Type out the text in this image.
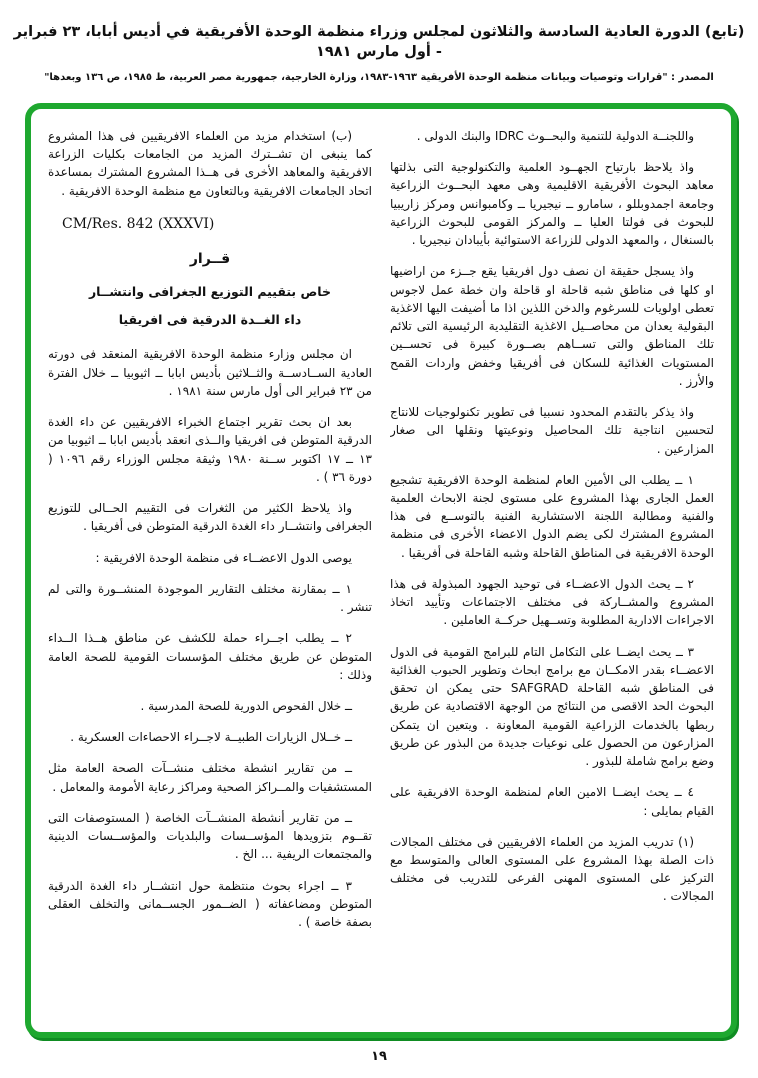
(تابع) الدورة العادية السادسة والثلاثون لمجلس وزراء منظمة الوحدة الأفريقية في أديس أبابا، ٢٣ فبراير - أول مارس ١٩٨١
المصدر : "قرارات وتوصيات وبيانات منظمة الوحدة الأفريقية ١٩٦٣-١٩٨٣، وزارة الخارجية، جمهورية مصر العربية، ط ١٩٨٥، ص ١٣٦ وبعدها"

واللجنــة الدولية للتنمية والبحــوث IDRC والبنك الدولى .

واذ يلاحظ بارتياح الجهــود العلمية والتكنولوجية التى بذلتها معاهد البحوث الأفريقية الاقليمية وهى معهد البحــوث الزراعية وجامعة اجمدوبللو ، سامارو ــ نيجيريا ــ وكامبوانس ومركز زاريبيا للبحوث فى فولتا العليا ــ والمركز القومى للبحوث الزراعية بالسنغال ، والمعهد الدولى للزراعة الاستوائية بأيبادان نيجيريا .

واذ يسجل حقيقة ان نصف دول افريقيا يقع جــزء من اراضيها او كلها فى مناطق شبه قاحلة او قاحلة وان خطة عمل لاجوس تعطى اولويات للسرغوم والدخن اللذين اذا ما أضيفت اليها الاغذية البقولية يعدان من محاصــيل الاغذية التقليدية الرئيسية التى تلائم تلك المناطق والتى تســاهم بصــورة كبيرة فى تحســين المستويات الغذائية للسكان فى أفريقيا وخفض واردات القمح والأرز .

واذ يذكر بالتقدم المحدود نسبيا فى تطوير تكنولوجيات للانتاج لتحسين انتاجية تلك المحاصيل ونوعيتها ونقلها الى صغار المزارعين .

١ ــ يطلب الى الأمين العام لمنظمة الوحدة الافريقية تشجيع العمل الجارى بهذا المشروع على مستوى لجنة الابحاث العلمية والفنية ومطالبة اللجنة الاستشارية الفنية بالتوســع فى هذا المشروع المشترك لكى يضم الدول الاعضاء الأخرى فى منظمة الوحدة الافريقية فى المناطق القاحلة وشبه القاحلة فى أفريقيا .

٢ ــ يحث الدول الاعضــاء فى توحيد الجهود المبذولة فى هذا المشروع والمشــاركة فى مختلف الاجتماعات وتأييد اتخاذ الاجراءات الادارية المطلوبة وتســهيل حركــة العاملين .

٣ ــ يحث ايضــا على التكامل التام للبرامج القومية فى الدول الاعضــاء بقدر الامكــان مع برامج ابحاث وتطوير الحبوب الغذائية فى المناطق شبه القاحلة SAFGRAD حتى يمكن ان تحقق البحوث الحد الاقصى من النتائج من الوجهة الاقتصادية عن طريق ربطها بالخدمات الزراعية القومية المعاونة . ويتعين ان يتمكن المزارعون من الحصول على نوعيات جديدة من البذور عن طريق وضع برامج شاملة للبذور .

٤ ــ يحث ايضــا الامين العام لمنظمة الوحدة الافريقية على القيام بمايلى :

(١) تدريب المزيد من العلماء الافريقيين فى مختلف المجالات ذات الصلة بهذا المشروع على المستوى العالى والمتوسط مع التركيز على المستوى المهنى الفرعى للتدريب فى مختلف المجالات .

(ب) استخدام مزيد من العلماء الافريقيين فى هذا المشروع كما ينبغى ان تشــترك المزيد من الجامعات بكليات الزراعة الافريقية والمعاهد الأخرى فى هــذا المشروع المشترك بمساعدة اتحاد الجامعات الافريقية وبالتعاون مع منظمة الوحدة الافريقية .

CM/Res. 842 (XXXVI)

قــرار

خاص بتقييم التوزيع الجغرافى وانتشــار

داء الغــدة الدرقية فى افريقيا

ان مجلس وزارء منظمة الوحدة الافريقية المنعقد فى دورته العادية الســادســة والثــلاثين بأديس ابابا ــ اثيوبيا ــ خلال الفترة من ٢٣ فبراير الى أول مارس سنة ١٩٨١ .

بعد ان بحث تقرير اجتماع الخبراء الافريقيين عن داء الغدة الدرقية المتوطن فى افريقيا والــذى انعقد بأديس ابابا ــ اثيوبيا من ١٣ ــ ١٧ اكتوبر ســنة ١٩٨٠ وثيقة مجلس الوزراء رقم ١٠٩٦ ( دورة ٣٦ ) .

واذ يلاحظ الكثير من الثغرات فى التقييم الحــالى للتوزيع الجغرافى وانتشــار داء الغدة الدرقية المتوطن فى أفريقيا .

يوصى الدول الاعضــاء فى منظمة الوحدة الافريقية :

١ ــ بمقارنة مختلف التقارير الموجودة المنشــورة والتى لم تنشر .

٢ ــ يطلب اجــراء حملة للكشف عن مناطق هــذا الــداء المتوطن عن طريق مختلف المؤسسات القومية للصحة العامة وذلك :

ــ خلال الفحوص الدورية للصحة المدرسية .

ــ خــلال الزيارات الطبيــة لاجــراء الاحصاءات العسكرية .

ــ من تقارير انشطة مختلف منشــآت الصحة العامة مثل المستشفيات والمــراكز الصحية ومراكز رعاية الأمومة والمعامل .

ــ من تقارير أنشطة المنشــآت الخاصة ( المستوصفات التى تقــوم بتزويدها المؤســسات والبلديات والمؤســسات الدينية والمجتمعات الريفية ... الخ .

٣ ــ اجراء بحوث منتظمة حول انتشــار داء الغدة الدرقية المتوطن ومضاعفاته ( الضــمور الجســمانى والتخلف العقلى بصفة خاصة ) .

١٩
